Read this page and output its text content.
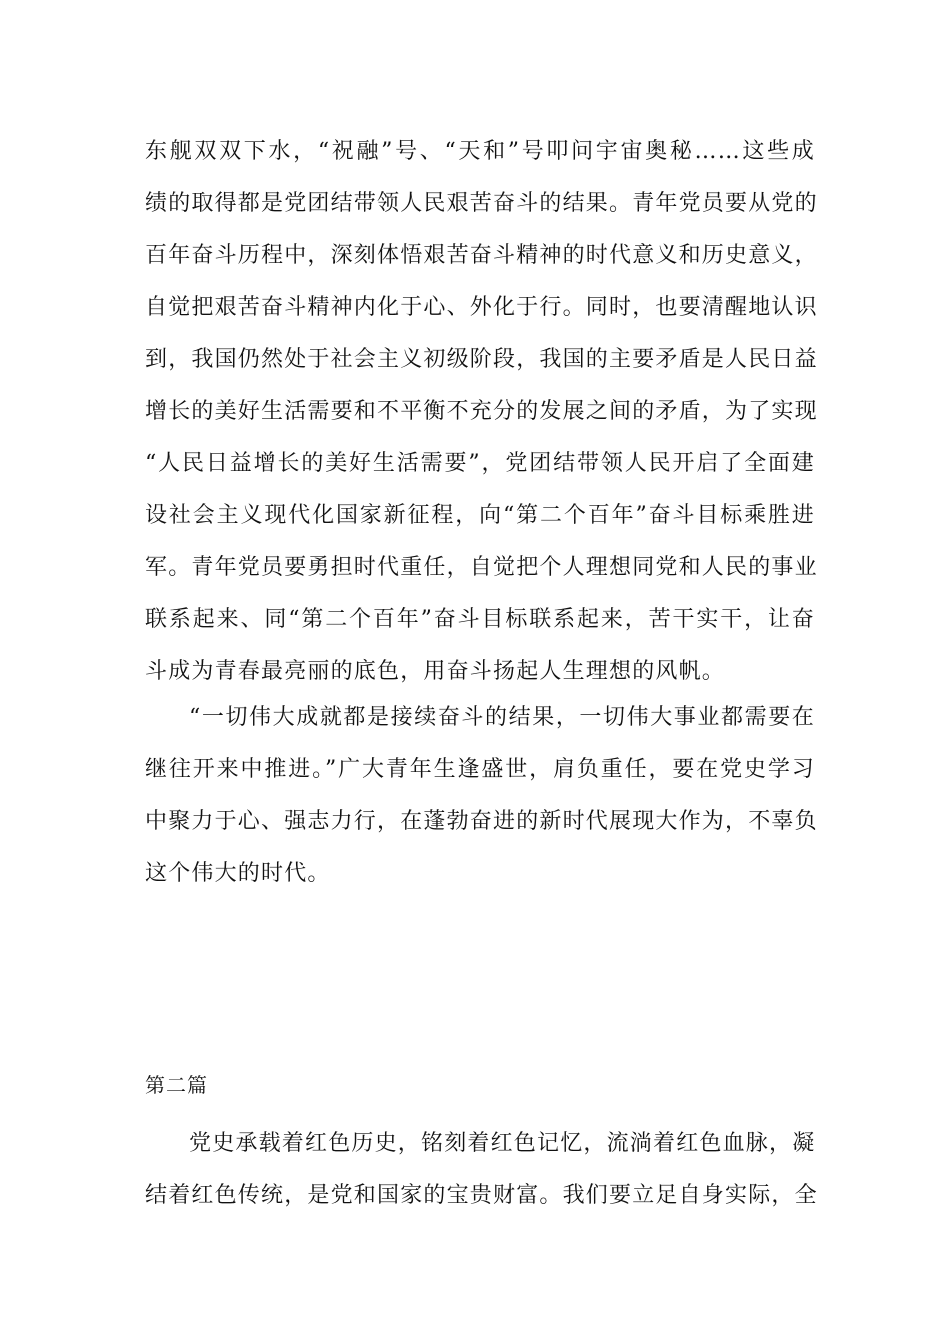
东舰双双下水，“祝融”号、“天和”号叩问宇宙奥秘……这些成
绩的取得都是党团结带领人民艰苦奋斗的结果。青年党员要从党的
百年奋斗历程中，深刻体悟艰苦奋斗精神的时代意义和历史意义，
自觉把艰苦奋斗精神内化于心、外化于行。同时，也要清醒地认识
到，我国仍然处于社会主义初级阶段，我国的主要矛盾是人民日益
增长的美好生活需要和不平衡不充分的发展之间的矛盾，为了实现
“人民日益增长的美好生活需要”，党团结带领人民开启了全面建
设社会主义现代化国家新征程，向“第二个百年”奋斗目标乘胜进
军。青年党员要勇担时代重任，自觉把个人理想同党和人民的事业
联系起来、同“第二个百年”奋斗目标联系起来，苦干实干，让奋
斗成为青春最亮丽的底色，用奋斗扬起人生理想的风帆。
“一切伟大成就都是接续奋斗的结果，一切伟大事业都需要在
继往开来中推进。”广大青年生逢盛世，肩负重任，要在党史学习
中聚力于心、强志力行，在蓬勃奋进的新时代展现大作为，不辜负
这个伟大的时代。
第二篇
党史承载着红色历史，铭刻着红色记忆，流淌着红色血脉，凝
结着红色传统，是党和国家的宝贵财富。我们要立足自身实际，全
